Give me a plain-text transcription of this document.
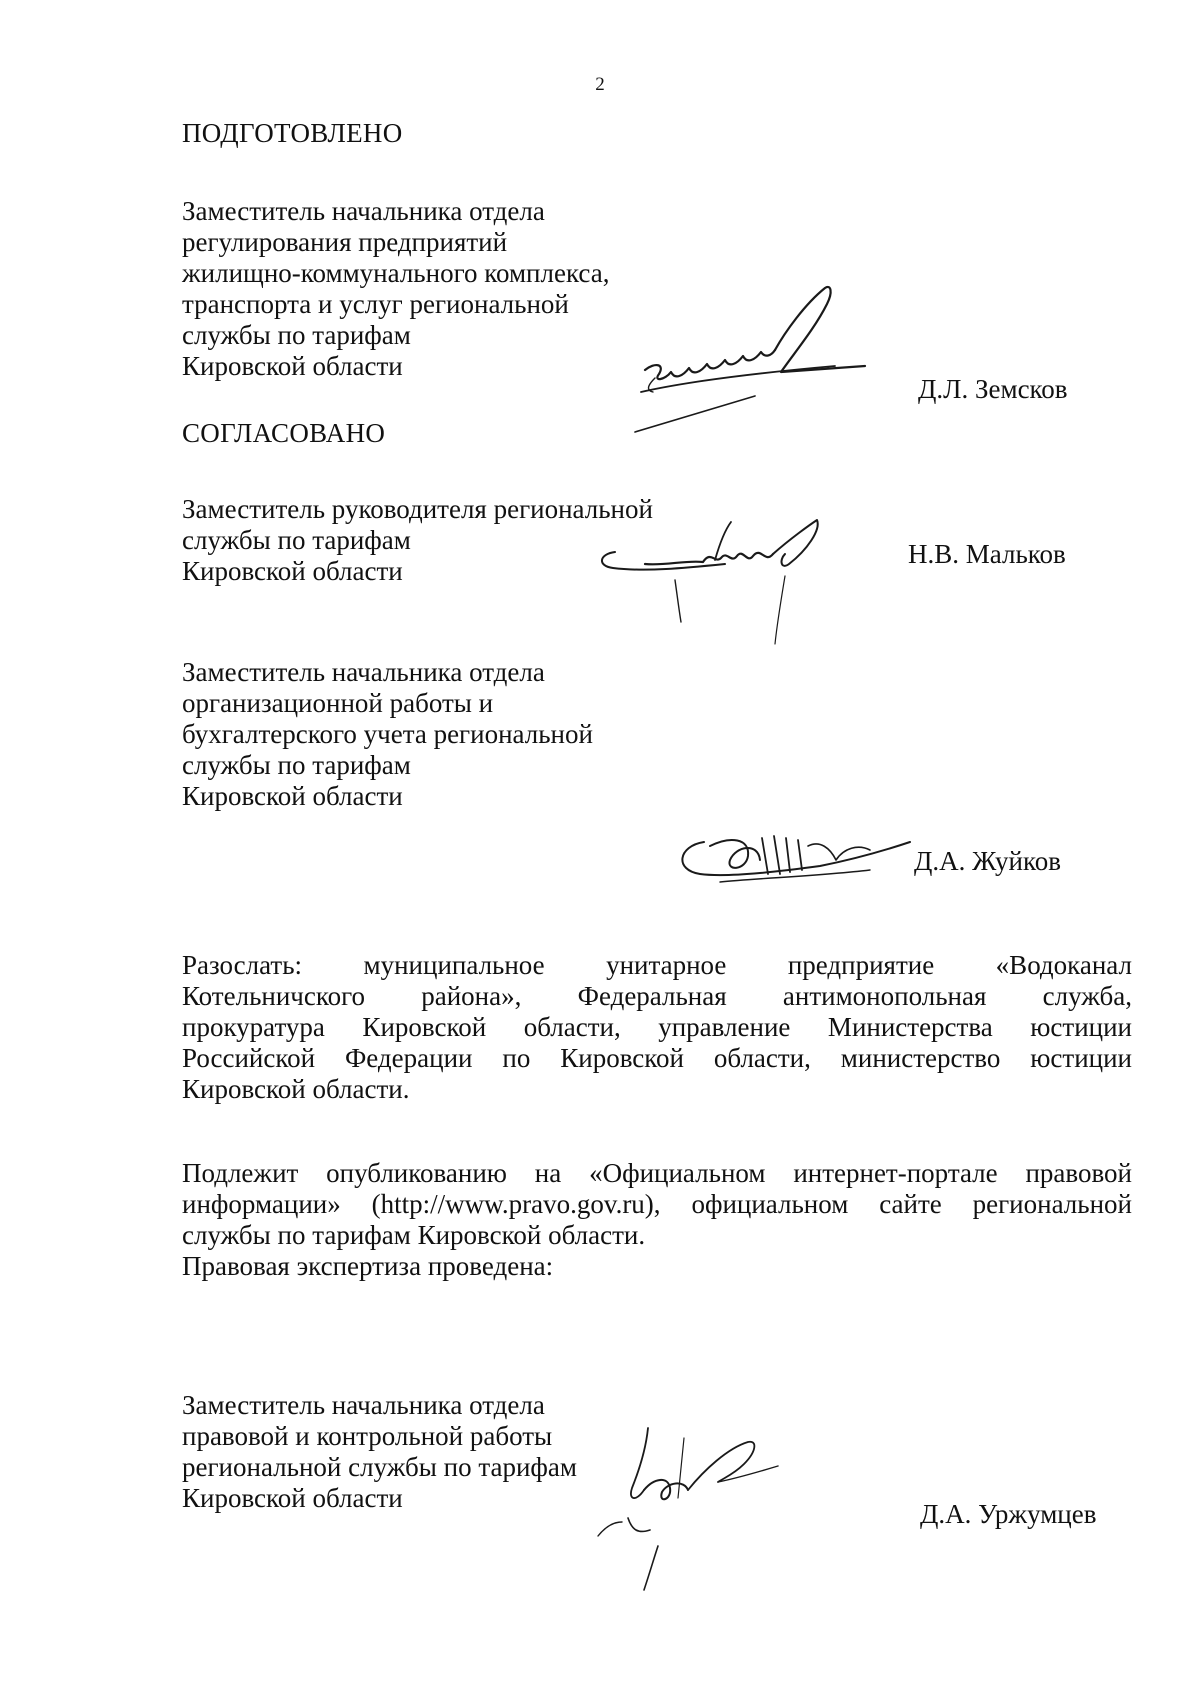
2
ПОДГОТОВЛЕНО
Заместитель начальника отдела
регулирования предприятий
жилищно-коммунального комплекса,
транспорта и услуг региональной
службы по тарифам
Кировской области
Д.Л. Земсков
СОГЛАСОВАНО
Заместитель руководителя региональной
службы по тарифам
Кировской области
Н.В. Мальков
Заместитель начальника отдела
организационной работы и
бухгалтерского учета региональной
службы по тарифам
Кировской области
Д.А. Жуйков
Разослать: муниципальное унитарное предприятие «Водоканал
Котельничского района», Федеральная антимонопольная служба,
прокуратура Кировской области, управление Министерства юстиции
Российской Федерации по Кировской области, министерство юстиции
Кировской области.
Подлежит опубликованию на «Официальном интернет-портале правовой
информации» (http://www.pravo.gov.ru), официальном сайте региональной
службы по тарифам Кировской области.
Правовая экспертиза проведена:
Заместитель начальника отдела
правовой и контрольной работы
региональной службы по тарифам
Кировской области
Д.А. Уржумцев
